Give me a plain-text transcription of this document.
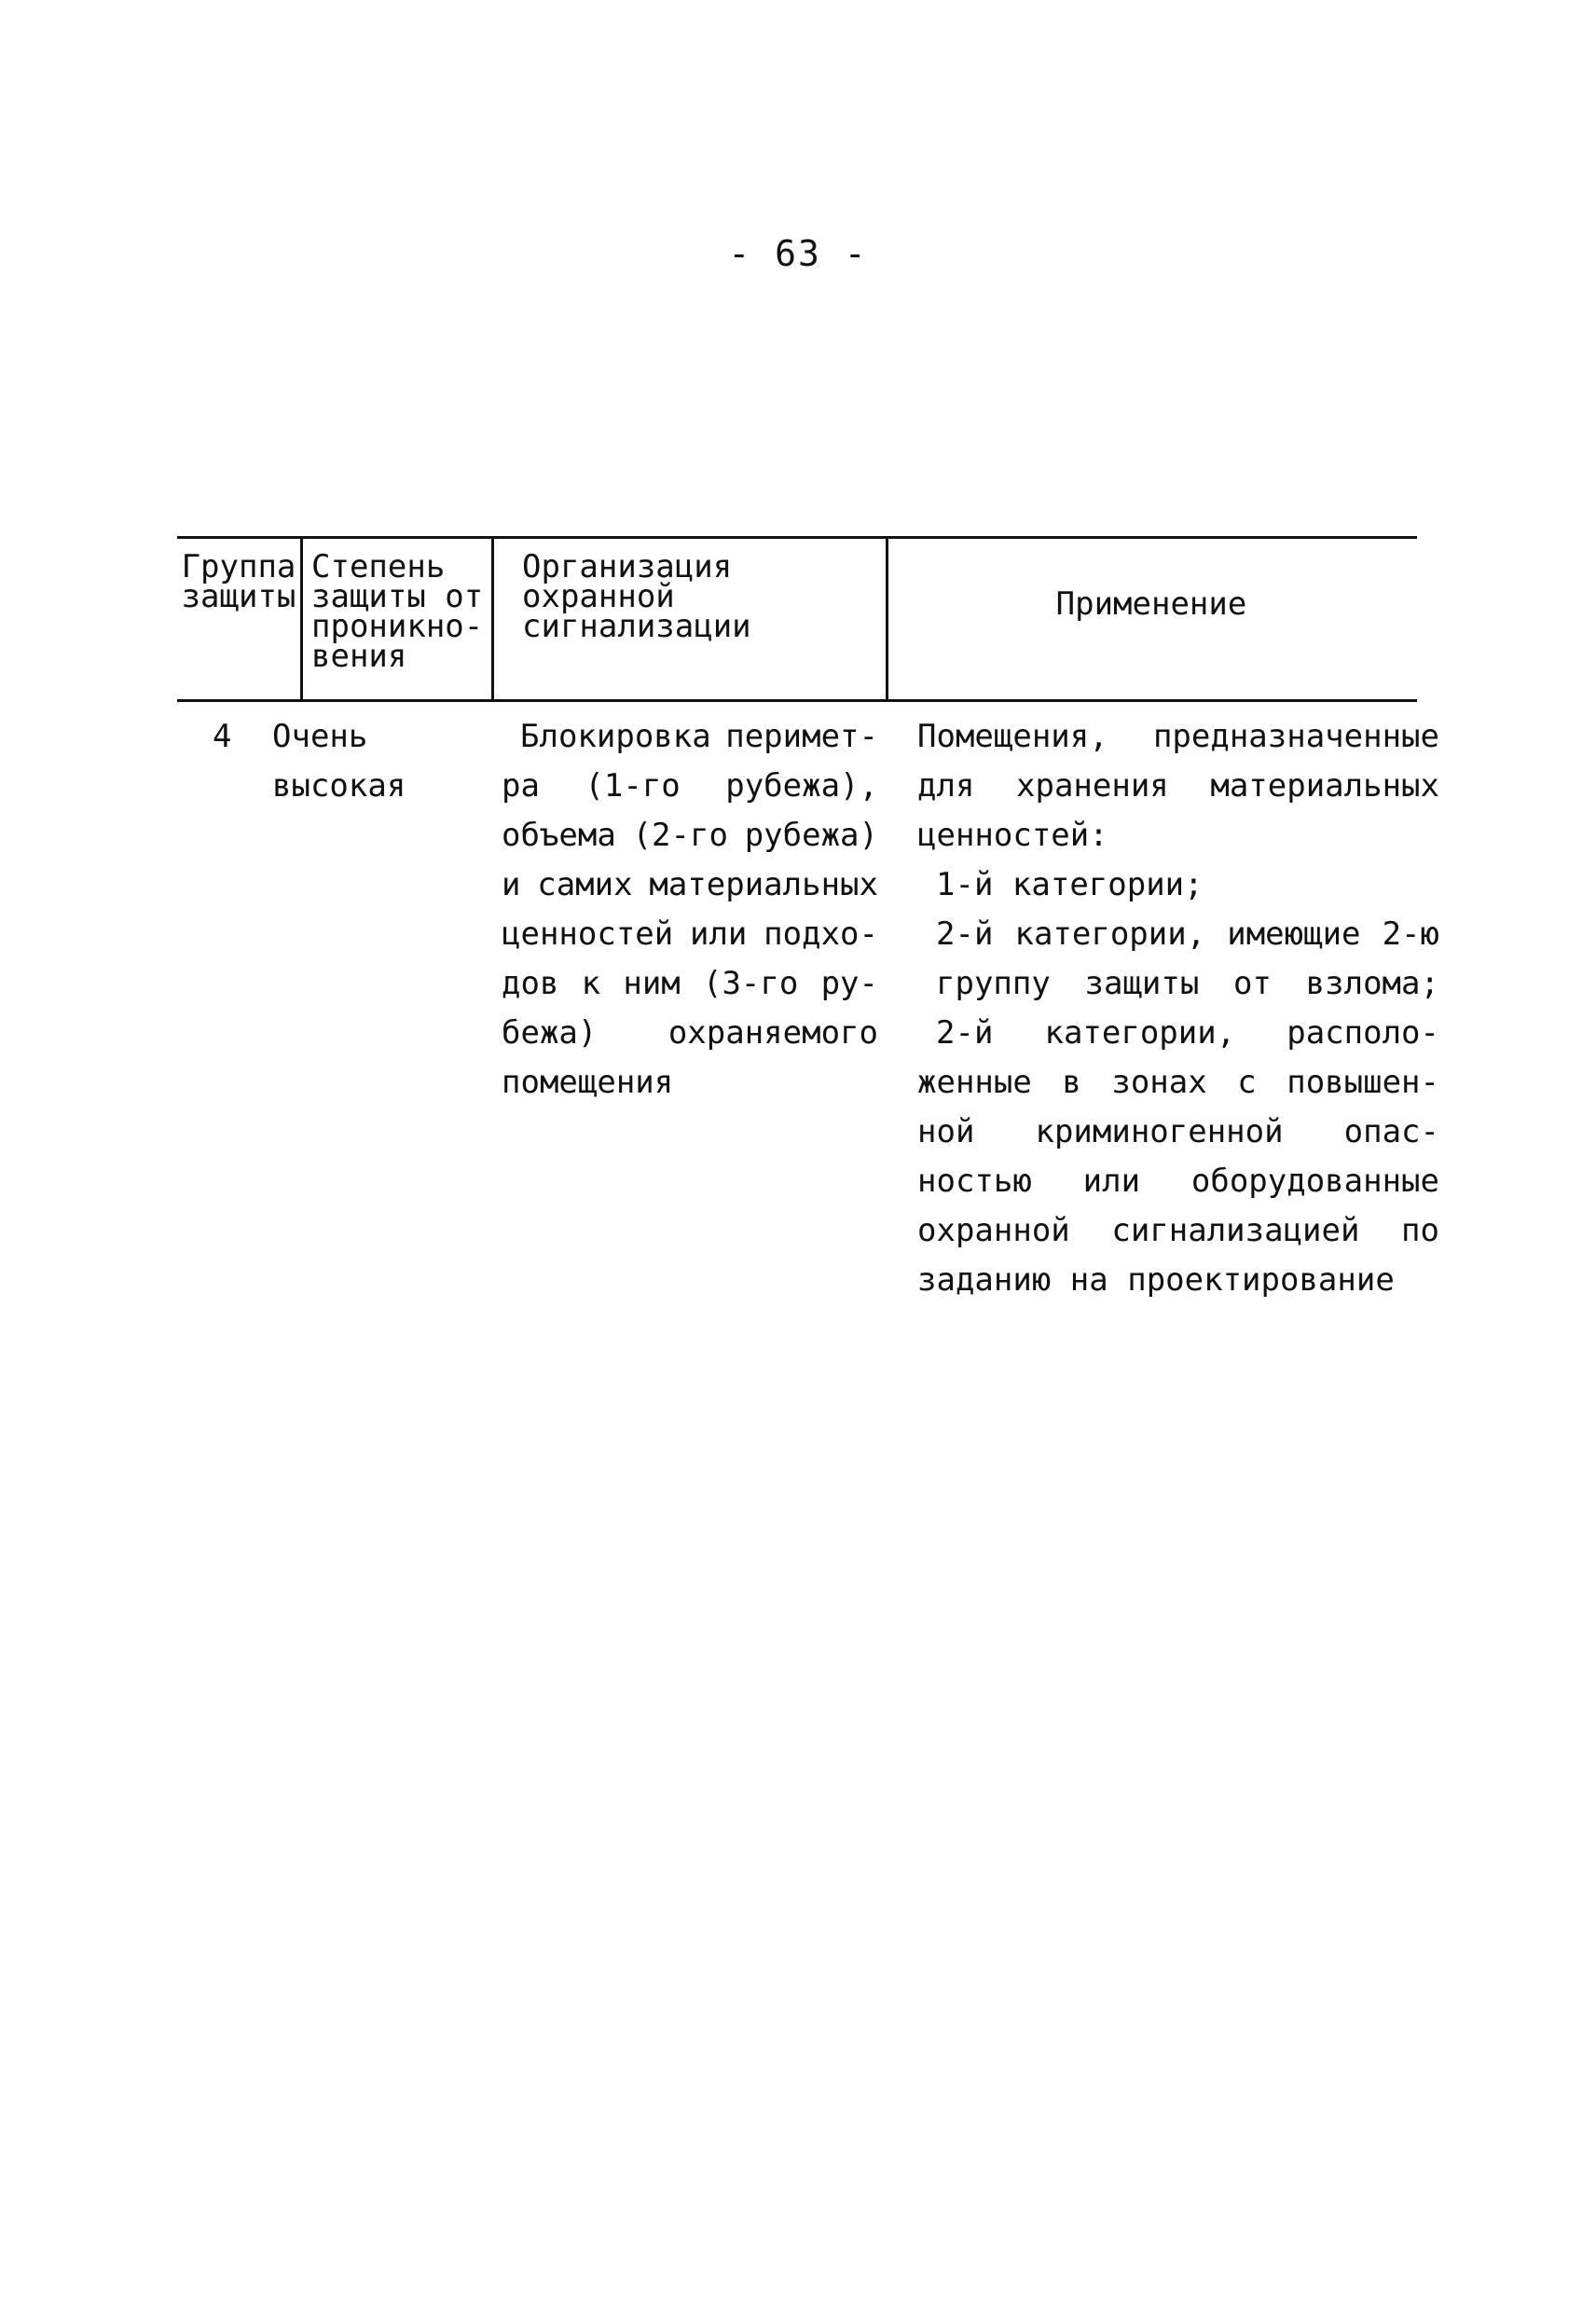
- 63 -
Группа
защиты
Степень
защиты от
проникно-
вения
Организация
охранной
сигнализации
Применение
4 Очень
высокая
Блокировка перимет-
ра (1-го рубежа),
объема (2-го рубежа)
и самих материальных
ценностей или подхо-
дов к ним (3-го ру-
бежа) охраняемого
помещения
Помещения, предназначенные
для хранения материальных
ценностей:
1-й категории;
2-й категории, имеющие 2-ю
группу защиты от взлома;
2-й категории, располо-
женные в зонах с повышен-
ной криминогенной опас-
ностью или оборудованные
охранной сигнализацией по
заданию на проектирование
